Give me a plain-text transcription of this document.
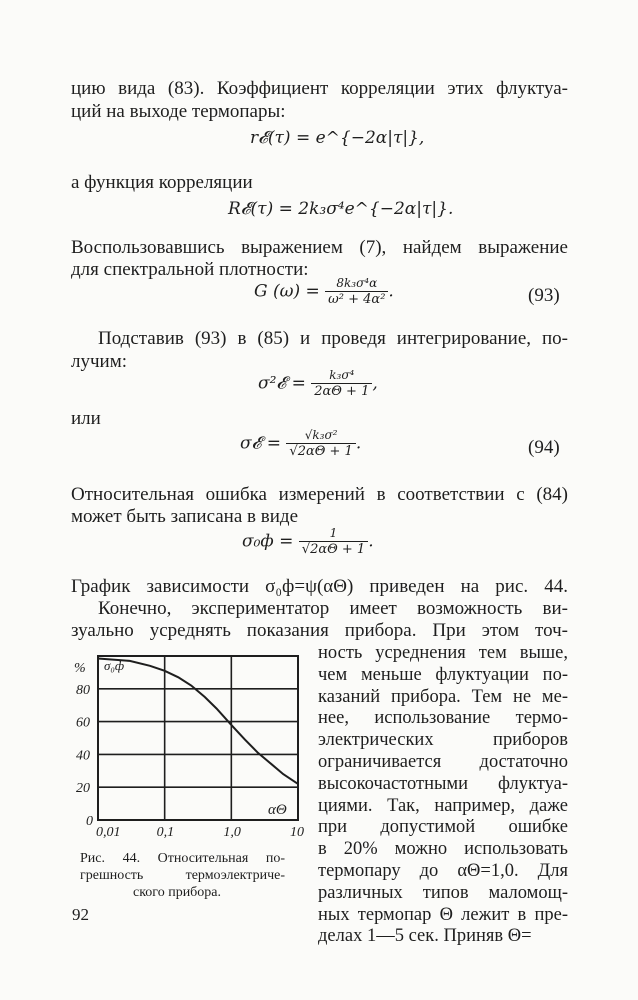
цию вида (83). Коэффициент корреляции этих флуктуа-
ций на выходе термопары:
r𝓔(τ) = e^{−2α|τ|},
а функция корреляции
R𝓔(τ) = 2k₃σ⁴e^{−2α|τ|}.
Воспользовавшись выражением (7), найдем выражение
для спектральной плотности:
G $(\omega) = \frac{\text{8k₃σ⁴α}}{\text{ω² + 4α²}}$ .	(93)
Подставив (93) в (85) и проведя интегрирование, по-
лучим:
σ²𝓔 = $\frac{\text{k₃σ⁴}}{2\alpha\Theta + 1}$ ,
или
σ𝓔 = $\frac{\text{√k₃σ²}}{√2\alpha\Theta + 1}$ .	(94)
Относительная ошибка измерений в соответствии с (84)
может быть записана в виде
$\sigma_0ф = \frac{1}{√2\alpha\Theta + 1}$ .
График зависимости σ₀ф=ψ(αΘ) приведен на рис. 44.
Конечно, экспериментатор имеет возможность ви-
зуально усреднять показания прибора. При этом точ-
ность усреднения тем выше,
чем меньше флуктуации по-
казаний прибора. Тем не ме-
нее, использование термо-
электрических приборов
ограничивается достаточно
высокочастотными флуктуа-
циями. Так, например, даже
при допустимой ошибке
в 20% можно использовать
термопару до αΘ=1,0. Для
различных типов маломощ-
ных термопар Θ лежит в пре-
делах 1—5 сек. Приняв Θ=
0,01	0,1	1,0	10
0
20
40
60
80
% σ₀ф
αΘ
Рис. 44. Относительная по-
грешность термоэлектриче-
ского прибора.
92
